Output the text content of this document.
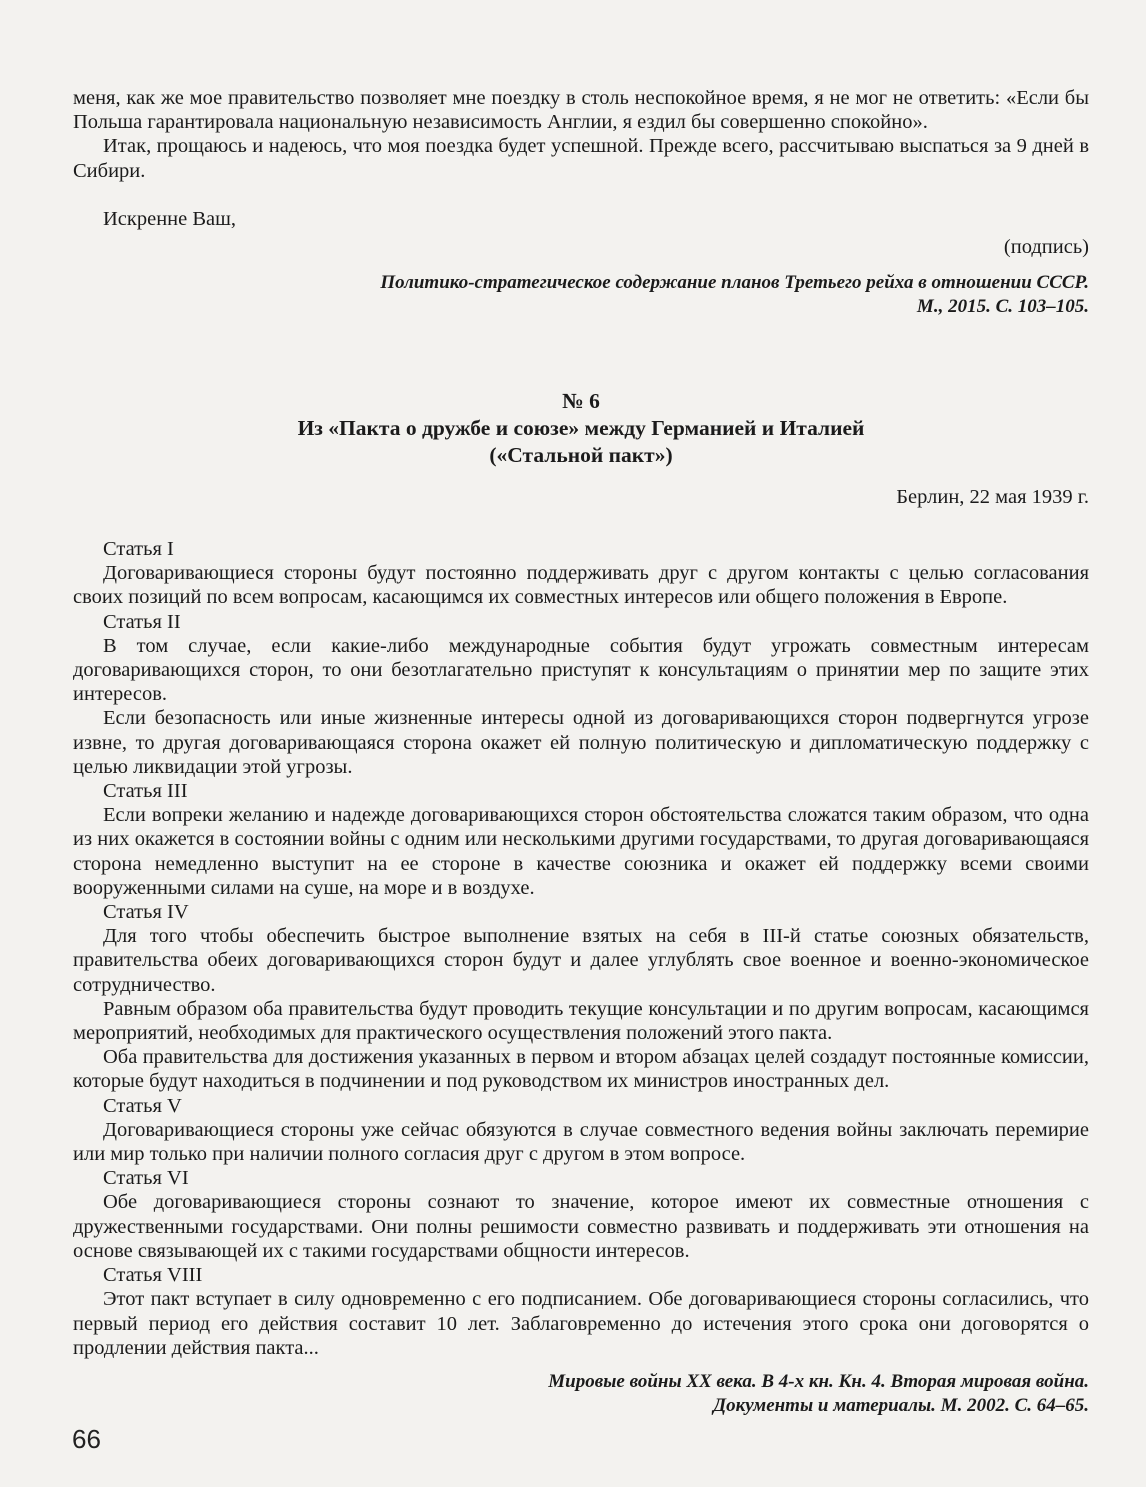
меня, как же мое правительство позволяет мне поездку в столь неспокойное время, я не мог не ответить: «Если бы Польша гарантировала национальную независимость Англии, я ездил бы совершенно спокойно».

Итак, прощаюсь и надеюсь, что моя поездка будет успешной. Прежде всего, рассчитываю выспаться за 9 дней в Сибири.

Искренне Ваш,

(подпись)

Политико-стратегическое содержание планов Третьего рейха в отношении СССР.

М., 2015. С. 103–105.

№ 6

Из «Пакта о дружбе и союзе» между Германией и Италией

(«Стальной пакт»)

Берлин, 22 мая 1939 г.

Статья I

Договаривающиеся стороны будут постоянно поддерживать друг с другом контакты с целью согласования своих позиций по всем вопросам, касающимся их совместных интересов или общего положения в Европе.

Статья II

В том случае, если какие-либо международные события будут угрожать совместным интересам договаривающихся сторон, то они безотлагательно приступят к консультациям о принятии мер по защите этих интересов.

Если безопасность или иные жизненные интересы одной из договаривающихся сторон подвергнутся угрозе извне, то другая договаривающаяся сторона окажет ей полную политическую и дипломатическую поддержку с целью ликвидации этой угрозы.

Статья III

Если вопреки желанию и надежде договаривающихся сторон обстоятельства сложатся таким образом, что одна из них окажется в состоянии войны с одним или несколькими другими государствами, то другая договаривающаяся сторона немедленно выступит на ее стороне в качестве союзника и окажет ей поддержку всеми своими вооруженными силами на суше, на море и в воздухе.

Статья IV

Для того чтобы обеспечить быстрое выполнение взятых на себя в III-й статье союзных обязательств, правительства обеих договаривающихся сторон будут и далее углублять свое военное и военно-экономическое сотрудничество.

Равным образом оба правительства будут проводить текущие консультации и по другим вопросам, касающимся мероприятий, необходимых для практического осуществления положений этого пакта.

Оба правительства для достижения указанных в первом и втором абзацах целей создадут постоянные комиссии, которые будут находиться в подчинении и под руководством их министров иностранных дел.

Статья V

Договаривающиеся стороны уже сейчас обязуются в случае совместного ведения войны заключать перемирие или мир только при наличии полного согласия друг с другом в этом вопросе.

Статья VI

Обе договаривающиеся стороны сознают то значение, которое имеют их совместные отношения с дружественными государствами. Они полны решимости совместно развивать и поддерживать эти отношения на основе связывающей их с такими государствами общности интересов.

Статья VIII

Этот пакт вступает в силу одновременно с его подписанием. Обе договаривающиеся стороны согласились, что первый период его действия составит 10 лет. Заблаговременно до истечения этого срока они договорятся о продлении действия пакта...

Мировые войны XX века. В 4-х кн. Кн. 4. Вторая мировая война.

Документы и материалы. М. 2002. С. 64–65.

66
